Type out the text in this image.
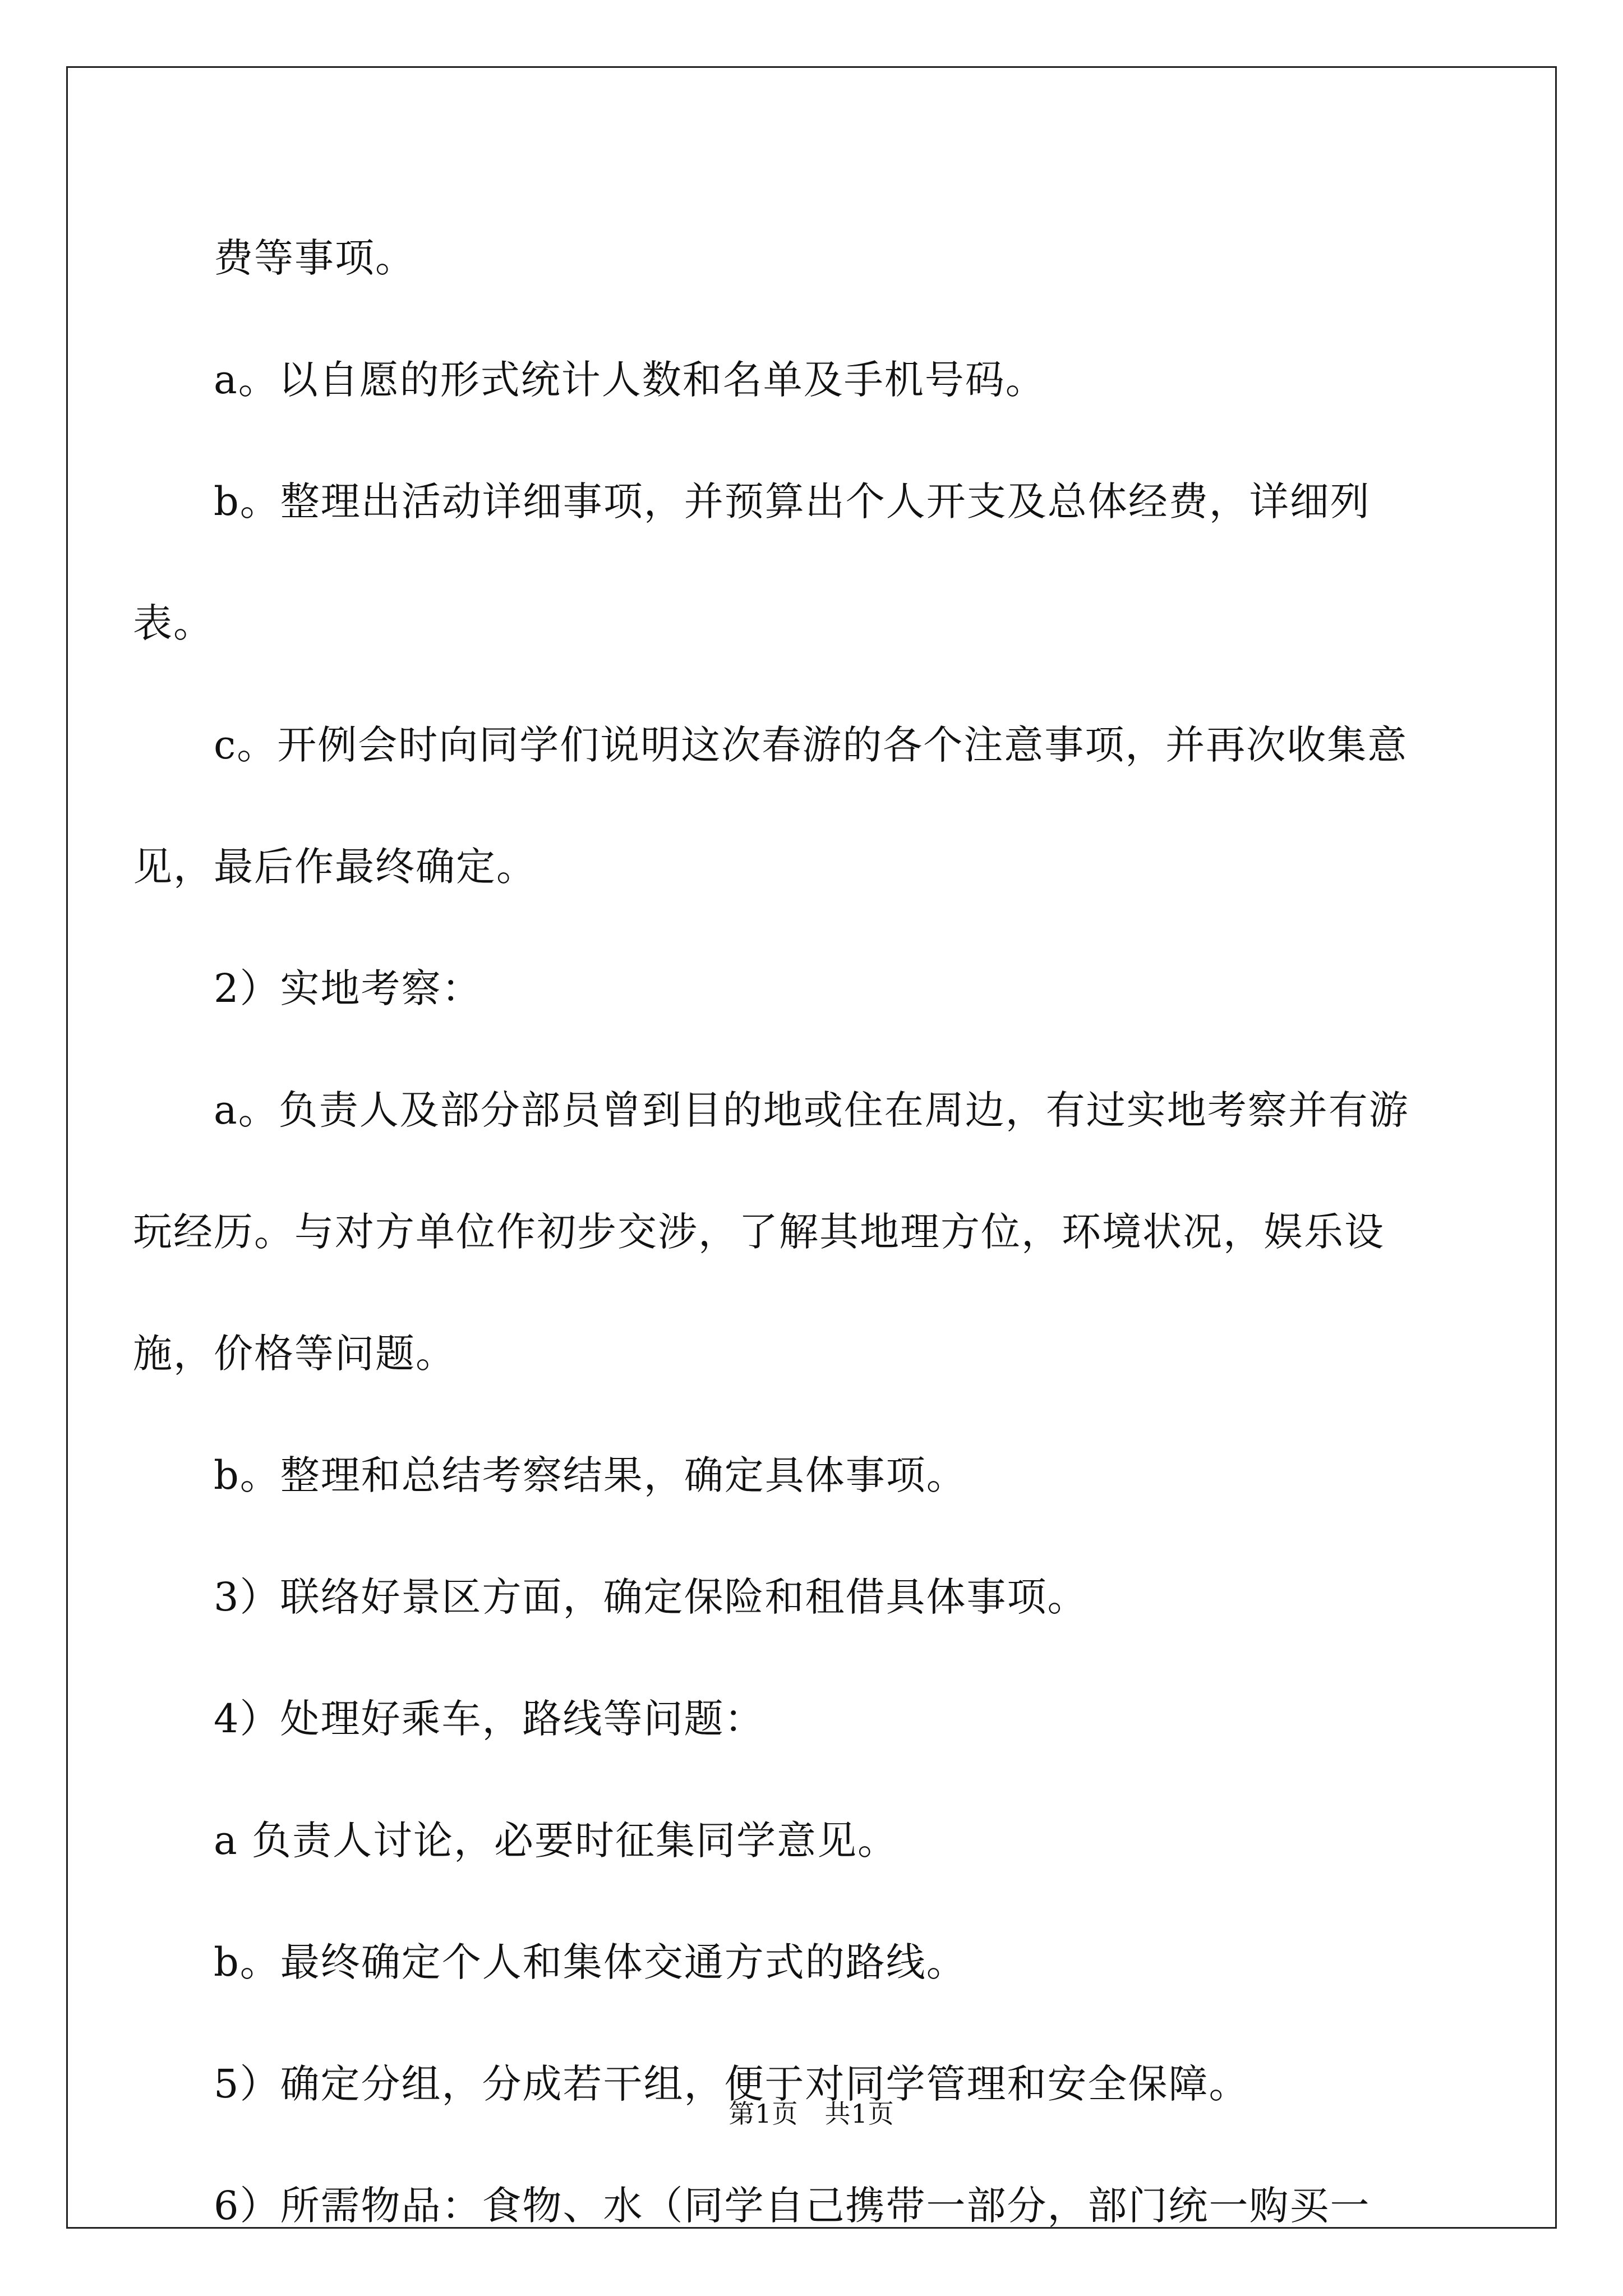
　　费等事项。

　　a。以自愿的形式统计人数和名单及手机号码。

　　b。整理出活动详细事项，并预算出个人开支及总体经费，详细列表。

　　c。开例会时向同学们说明这次春游的各个注意事项，并再次收集意见，最后作最终确定。

　　2）实地考察：

　　a。负责人及部分部员曾到目的地或住在周边，有过实地考察并有游玩经历。与对方单位作初步交涉，了解其地理方位，环境状况，娱乐设施，价格等问题。

　　b。整理和总结考察结果，确定具体事项。

　　3）联络好景区方面，确定保险和租借具体事项。

　　4）处理好乘车，路线等问题：

　　a 负责人讨论，必要时征集同学意见。

　　b。最终确定个人和集体交通方式的路线。

　　5）确定分组，分成若干组，便于对同学管理和安全保障。

　　6）所需物品：食物、水（同学自己携带一部分，部门统一购买一

第1页　共1页
